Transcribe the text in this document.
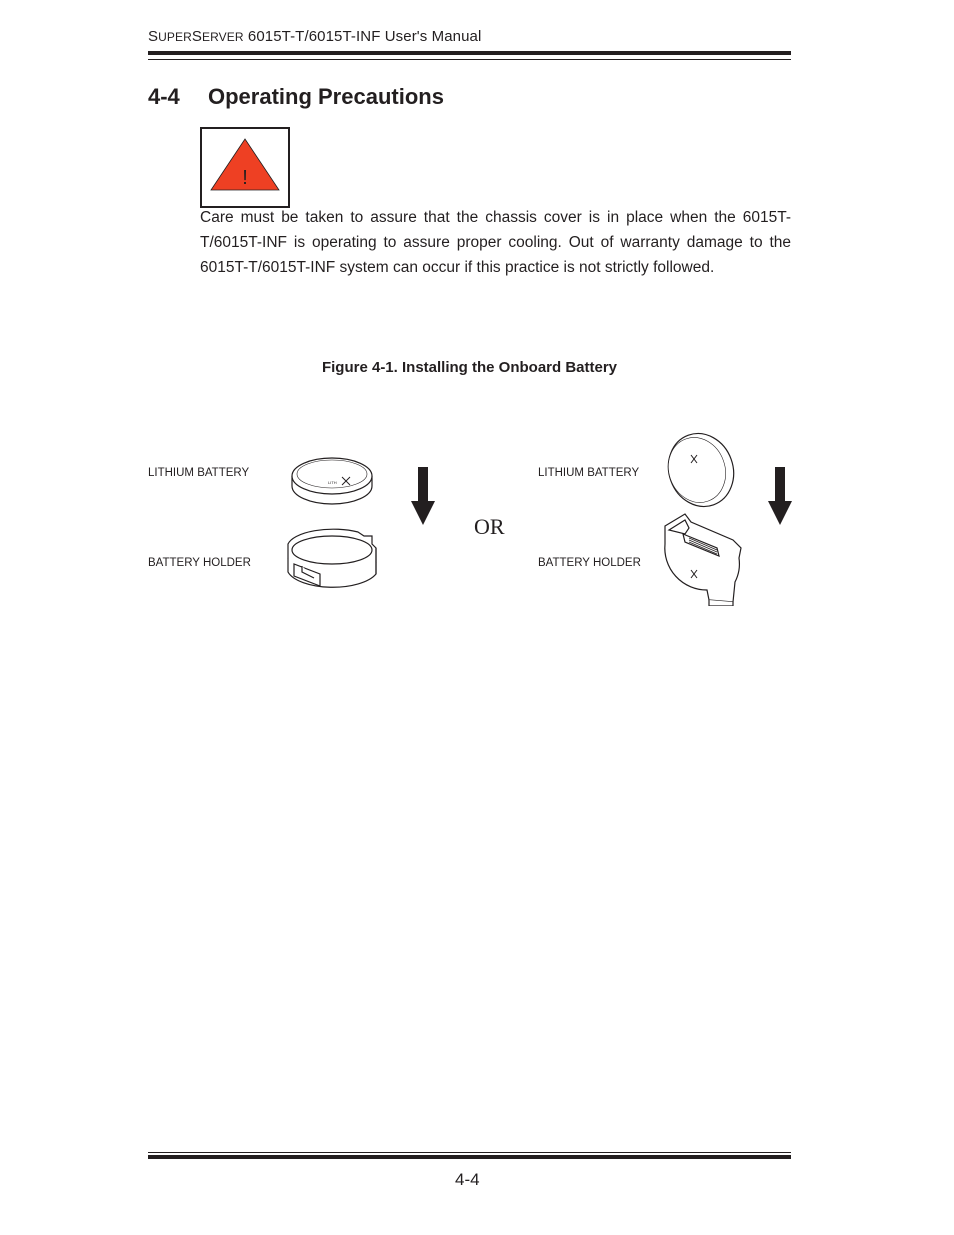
SUPERSERVER 6015T-T/6015T-INF User's Manual
4-4 Operating Precautions
!
Care must be taken to assure that the chassis cover is in place when the 6015T-T/6015T-INF is operating to assure proper cooling. Out of warranty damage to the 6015T-T/6015T-INF system can occur if this practice is not strictly followed.
Figure 4-1. Installing the Onboard Battery
LITHIUM BATTERY
BATTERY HOLDER
LITHIUM BATTERY
BATTERY HOLDER
OR
LITH
4-4
